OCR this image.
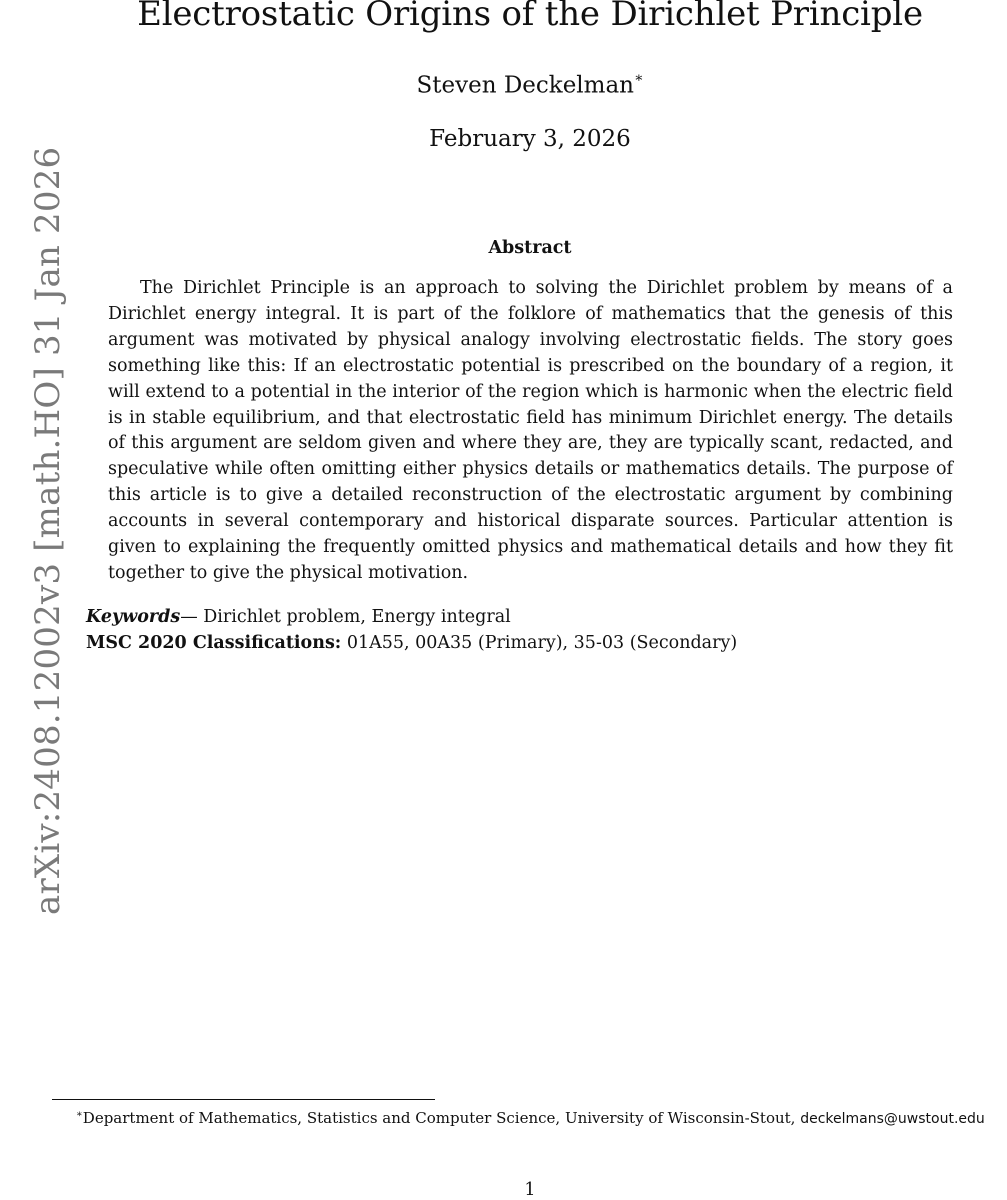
Electrostatic Origins of the Dirichlet Principle
Steven Deckelman∗
February 3, 2026
arXiv:2408.12002v3 [math.HO] 31 Jan 2026	Abstract

The Dirichlet Principle is an approach to solving the Dirichlet problem by means of a Dirichlet energy integral. It is part of the folklore of mathematics that the genesis of this argument was motivated by physical analogy involving electrostatic fields. The story goes something like this: If an electrostatic potential is prescribed on the boundary of a region, it will extend to a potential in the interior of the region which is harmonic when the electric field is in stable equilibrium, and that electrostatic field has minimum Dirichlet energy. The details of this argument are seldom given and where they are, they are typically scant, redacted, and speculative while often omitting either physics details or mathematics details. The purpose of this article is to give a detailed reconstruction of the electrostatic argument by combining accounts in several contemporary and historical disparate sources. Particular attention is given to explaining the frequently omitted physics and mathematical details and how they fit together to give the physical motivation.

Keywords— Dirichlet problem, Energy integral
MSC 2020 Classifications: 01A55, 00A35 (Primary), 35-03 (Secondary)

∗Department of Mathematics, Statistics and Computer Science, University of Wisconsin-Stout, deckelmans@uwstout.edu

1
